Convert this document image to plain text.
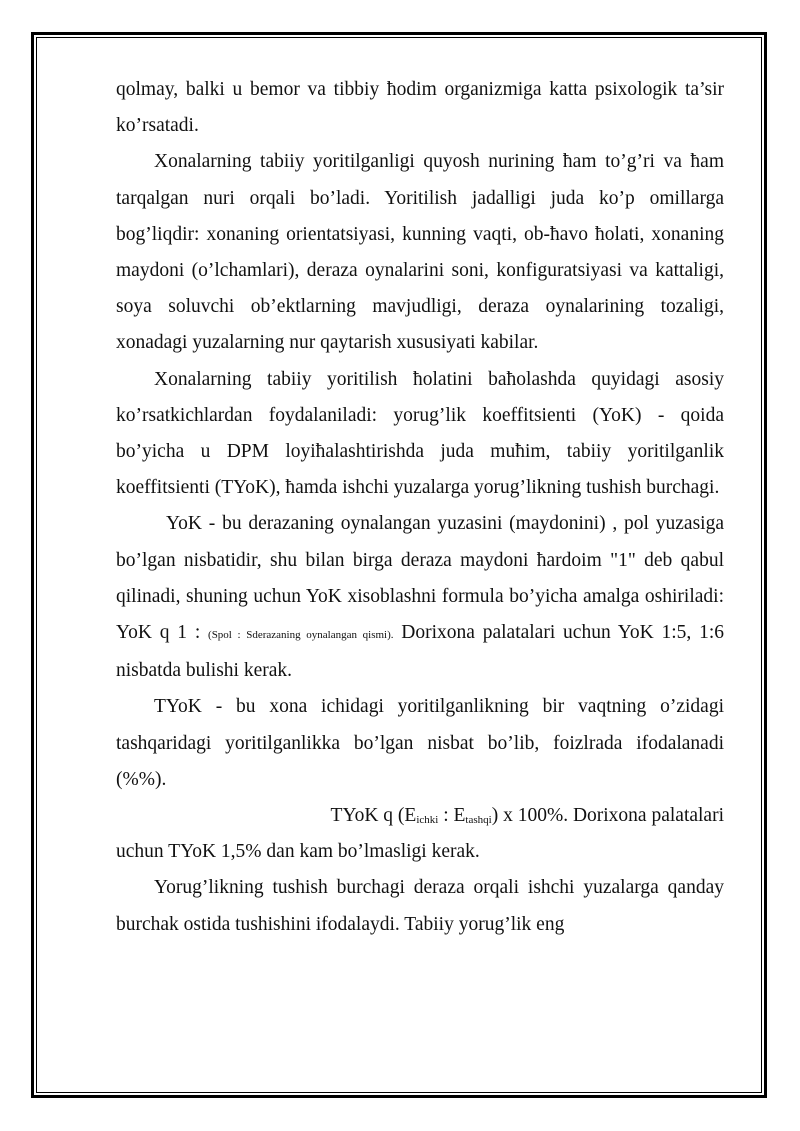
qolmay, balki u bemor va tibbiy ħodim organizmiga katta psixologik ta’sir ko’rsatadi.

Xonalarning tabiiy yoritilganligi quyosh nurining ħam to’g’ri va ħam tarqalgan nuri orqali bo’ladi. Yoritilish jadalligi juda ko’p omillarga bog’liqdir: xonaning orientatsiyasi, kunning vaqti, ob-ħavo ħolati, xonaning maydoni (o’lchamlari), deraza oynalarini soni, konfiguratsiyasi va kattaligi, soya soluvchi ob’ektlarning mavjudligi, deraza oynalarining tozaligi, xonadagi yuzalarning nur qaytarish xususiyati kabilar.

Xonalarning tabiiy yoritilish ħolatini baħolashda quyidagi asosiy ko’rsatkichlardan foydalaniladi: yorug’lik koeffitsienti (YoK) - qoida bo’yicha u DPM loyiħalashtirishda juda muħim, tabiiy yoritilganlik koeffitsienti (TYoK), ħamda ishchi yuzalarga yorug’likning tushish burchagi.

YoK - bu derazaning oynalangan yuzasini (maydonini) , pol yuzasiga bo’lgan nisbatidir, shu bilan birga deraza maydoni ħardoim "1" deb qabul qilinadi, shuning uchun YoK xisoblashni formula bo’yicha amalga oshiriladi: YoK q 1 : (Spol : Sderazaning oynalangan qismi). Dorixona palatalari uchun YoK 1:5, 1:6 nisbatda bulishi kerak.

TYoK - bu xona ichidagi yoritilganlikning bir vaqtning o’zidagi tashqaridagi yoritilganlikka bo’lgan nisbat bo’lib, foizlrada ifodalanadi (%%).

TYoK q ($E_{ichki}$ : $E_{tashqi}$) x 100%. Dorixona palatalari

uchun TYoK 1,5% dan kam bo’lmasligi kerak.

Yorug’likning tushish burchagi deraza orqali ishchi yuzalarga qanday burchak ostida tushishini ifodalaydi. Tabiiy yorug’lik eng
